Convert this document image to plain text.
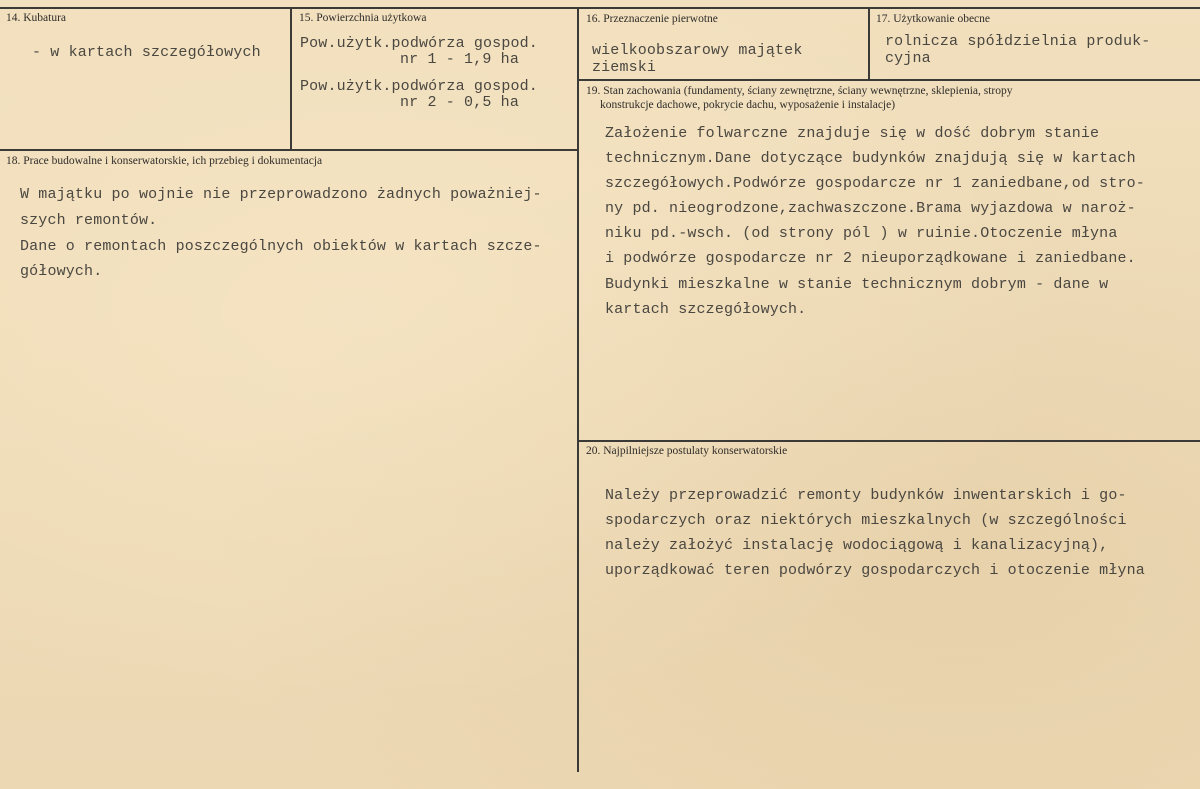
14. Kubatura
- w kartach szczegółowych
15. Powierzchnia użytkowa
Pow.użytk.podwórza gospod.
nr 1 - 1,9 ha
Pow.użytk.podwórza gospod.
nr 2 - 0,5 ha
16. Przeznaczenie pierwotne
wielkoobszarowy majątek
ziemski
17. Użytkowanie obecne
rolnicza spółdzielnia produk-
cyjna
18. Prace budowalne i konserwatorskie, ich przebieg i dokumentacja
W majątku po wojnie nie przeprowadzono żadnych poważniej-
szych remontów.
Dane o remontach poszczególnych obiektów w kartach szcze-
gółowych.
19. Stan zachowania (fundamenty, ściany zewnętrzne, ściany wewnętrzne, sklepienia, stropy
konstrukcje dachowe, pokrycie dachu, wyposażenie i instalacje)
Założenie folwarczne znajduje się w dość dobrym stanie
technicznym.Dane dotyczące budynków znajdują się w kartach
szczegółowych.Podwórze gospodarcze nr 1 zaniedbane,od stro-
ny pd. nieogrodzone,zachwaszczone.Brama wyjazdowa w naroż-
niku pd.-wsch. (od strony pól ) w ruinie.Otoczenie młyna
i podwórze gospodarcze nr 2 nieuporządkowane i zaniedbane.
Budynki mieszkalne w stanie technicznym dobrym - dane w
kartach szczegółowych.
20. Najpilniejsze postulaty konserwatorskie
Należy przeprowadzić remonty budynków inwentarskich i go-
spodarczych oraz niektórych mieszkalnych (w szczególności
należy założyć instalację wodociągową i kanalizacyjną),
uporządkować teren podwórzy gospodarczych i otoczenie młyna
